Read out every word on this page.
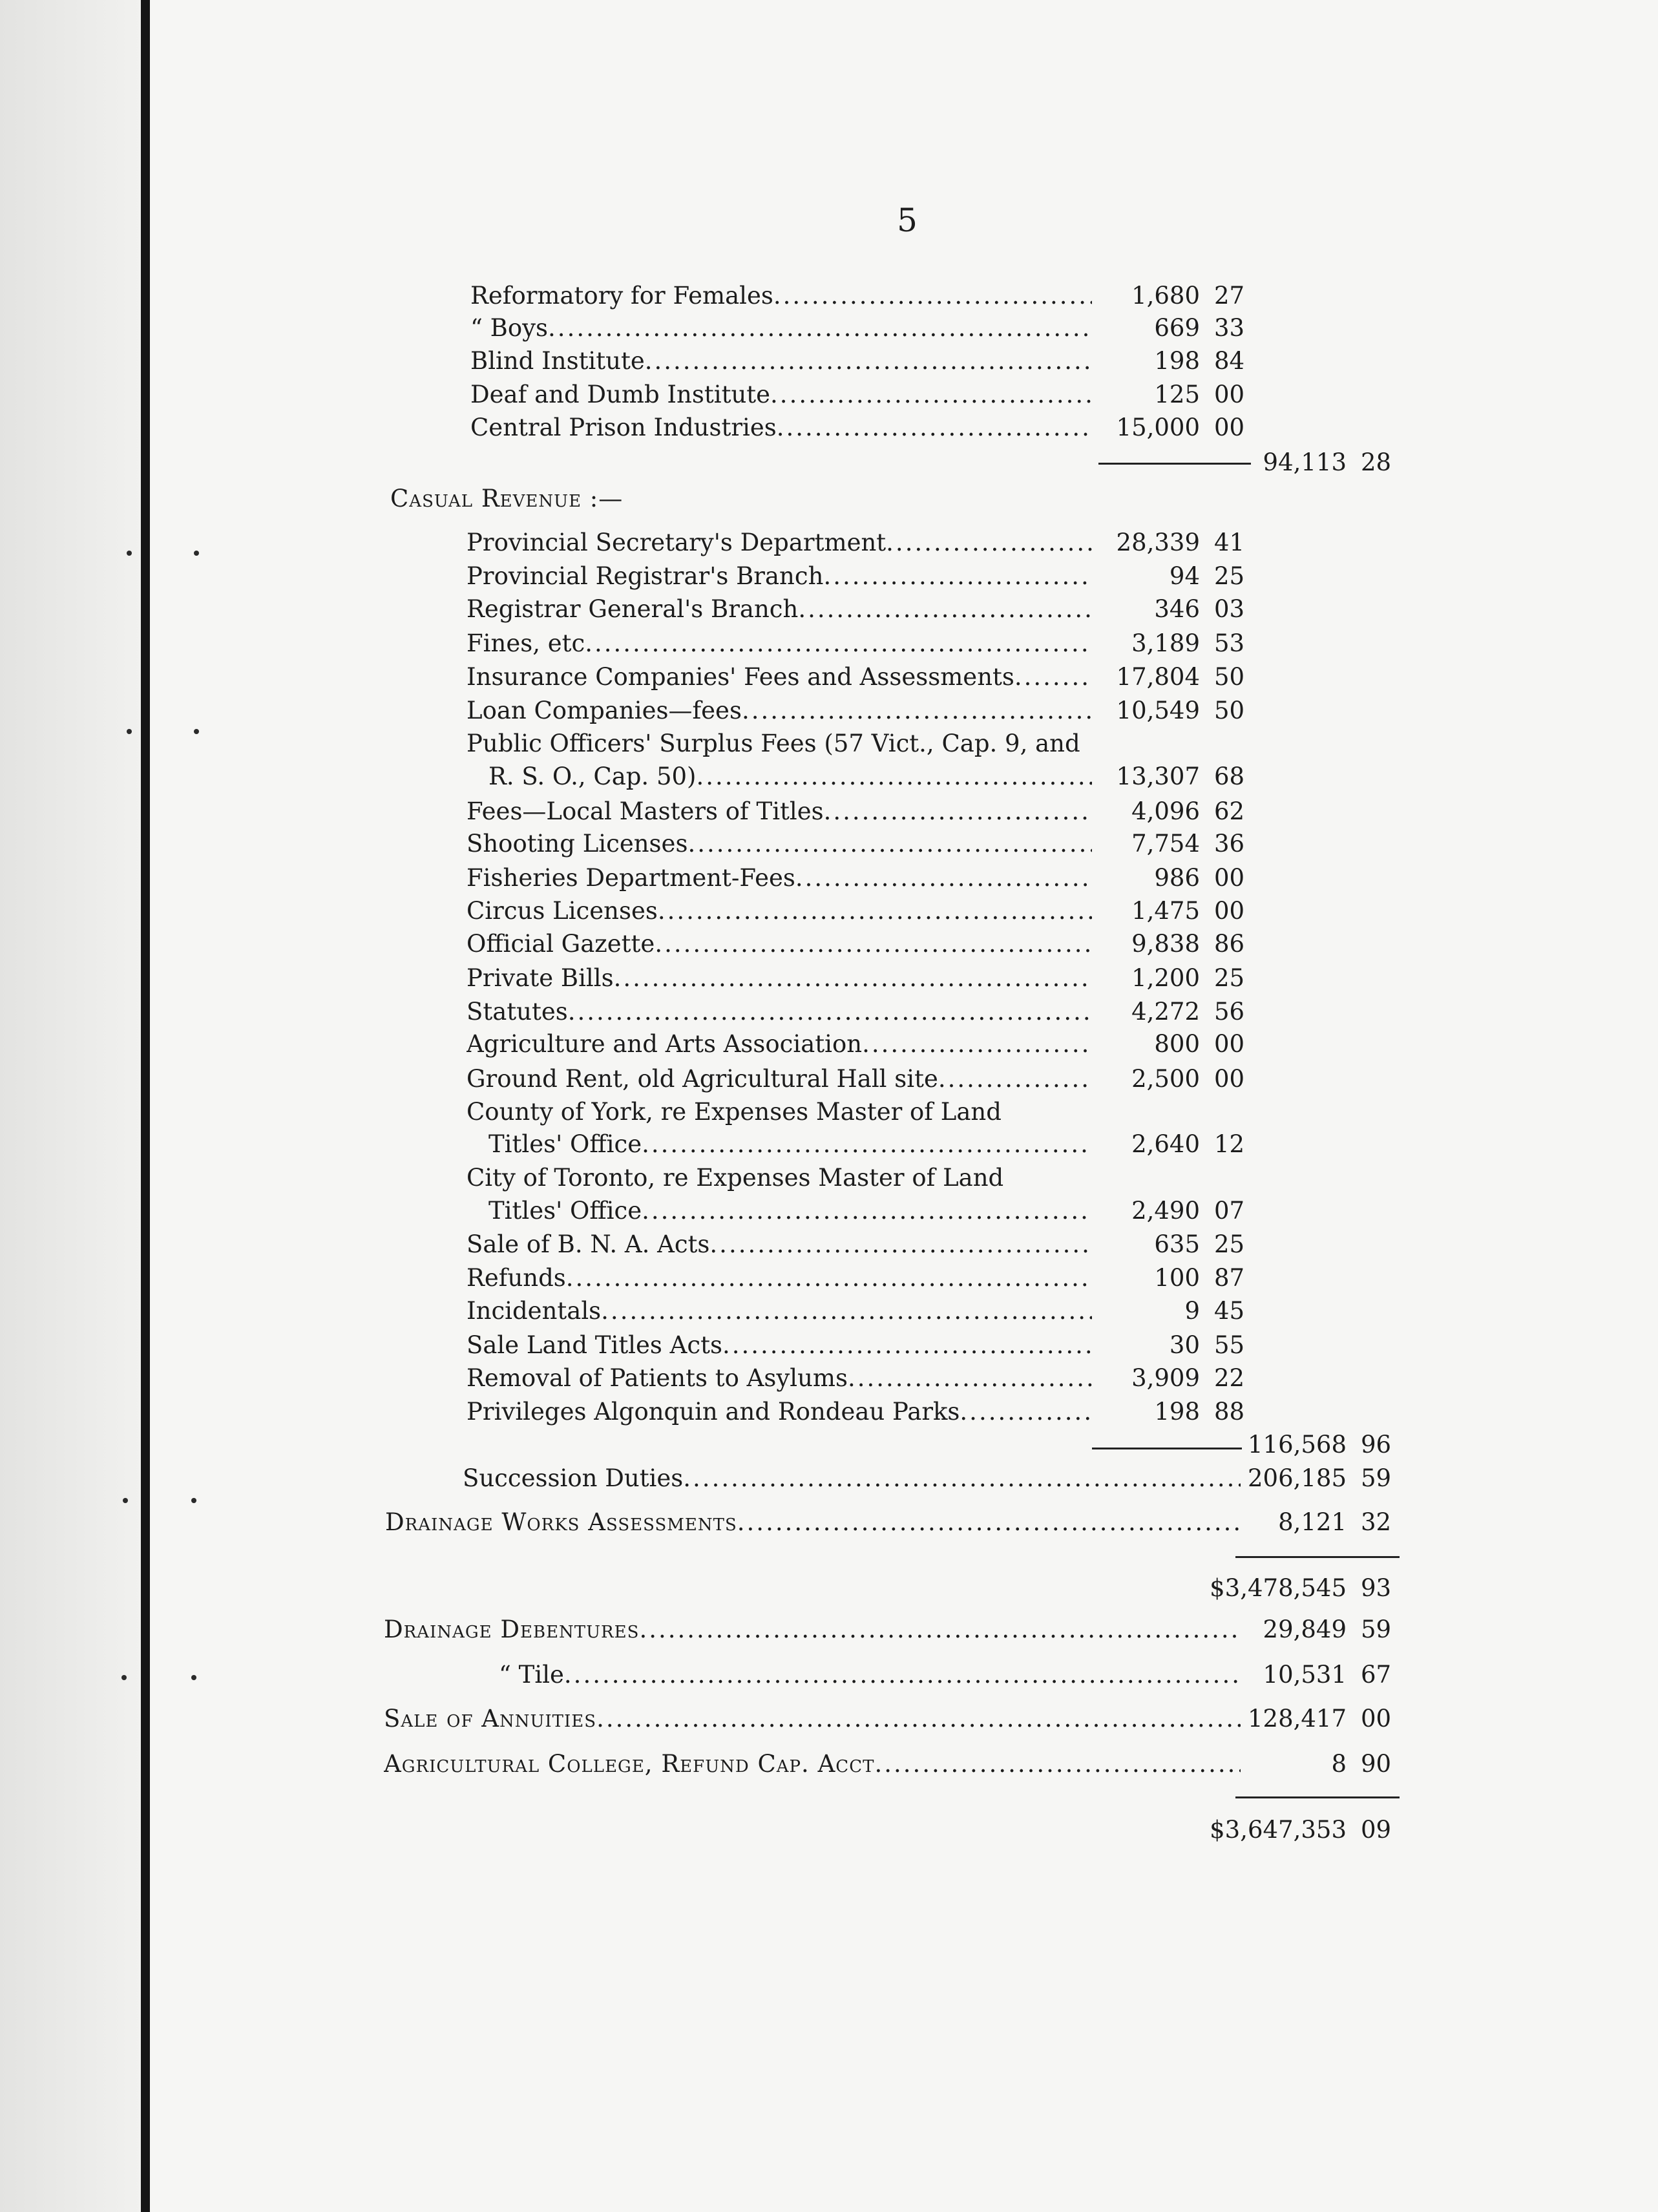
5
Reformatory for Females .....	1,680 27
“ Boys .....	669 33
Blind Institute .....	198 84
Deaf and Dumb Institute .....	125 00
Central Prison Industries .....	15,000 00
94,113 28
Casual Revenue :—
Provincial Secretary's Department .....	28,339 41
Provincial Registrar's Branch .....	94 25
Registrar General's Branch .....	346 03
Fines, etc .....	3,189 53
Insurance Companies' Fees and Assessments .....	17,804 50
Loan Companies—fees .....	10,549 50
Public Officers' Surplus Fees (57 Vict., Cap. 9, and
R. S. O., Cap. 50) .....	13,307 68
Fees—Local Masters of Titles .....	4,096 62
Shooting Licenses .....	7,754 36
Fisheries Department-Fees .....	986 00
Circus Licenses .....	1,475 00
Official Gazette .....	9,838 86
Private Bills .....	1,200 25
Statutes .....	4,272 56
Agriculture and Arts Association .....	800 00
Ground Rent, old Agricultural Hall site .....	2,500 00
County of York, re Expenses Master of Land
Titles' Office .....	2,640 12
City of Toronto, re Expenses Master of Land
Titles' Office .....	2,490 07
Sale of B. N. A. Acts .....	635 25
Refunds .....	100 87
Incidentals .....	9 45
Sale Land Titles Acts .....	30 55
Removal of Patients to Asylums .....	3,909 22
Privileges Algonquin and Rondeau Parks .....	198 88
116,568 96
Succession Duties .....	206,185 59
Drainage Works Assessments .....	8,121 32
$3,478,545 93
Drainage Debentures .....	29,849 59
“ Tile .....	10,531 67
Sale of Annuities .....	128,417 00
Agricultural College, Refund Cap. Acct .....	8 90
$3,647,353 09
